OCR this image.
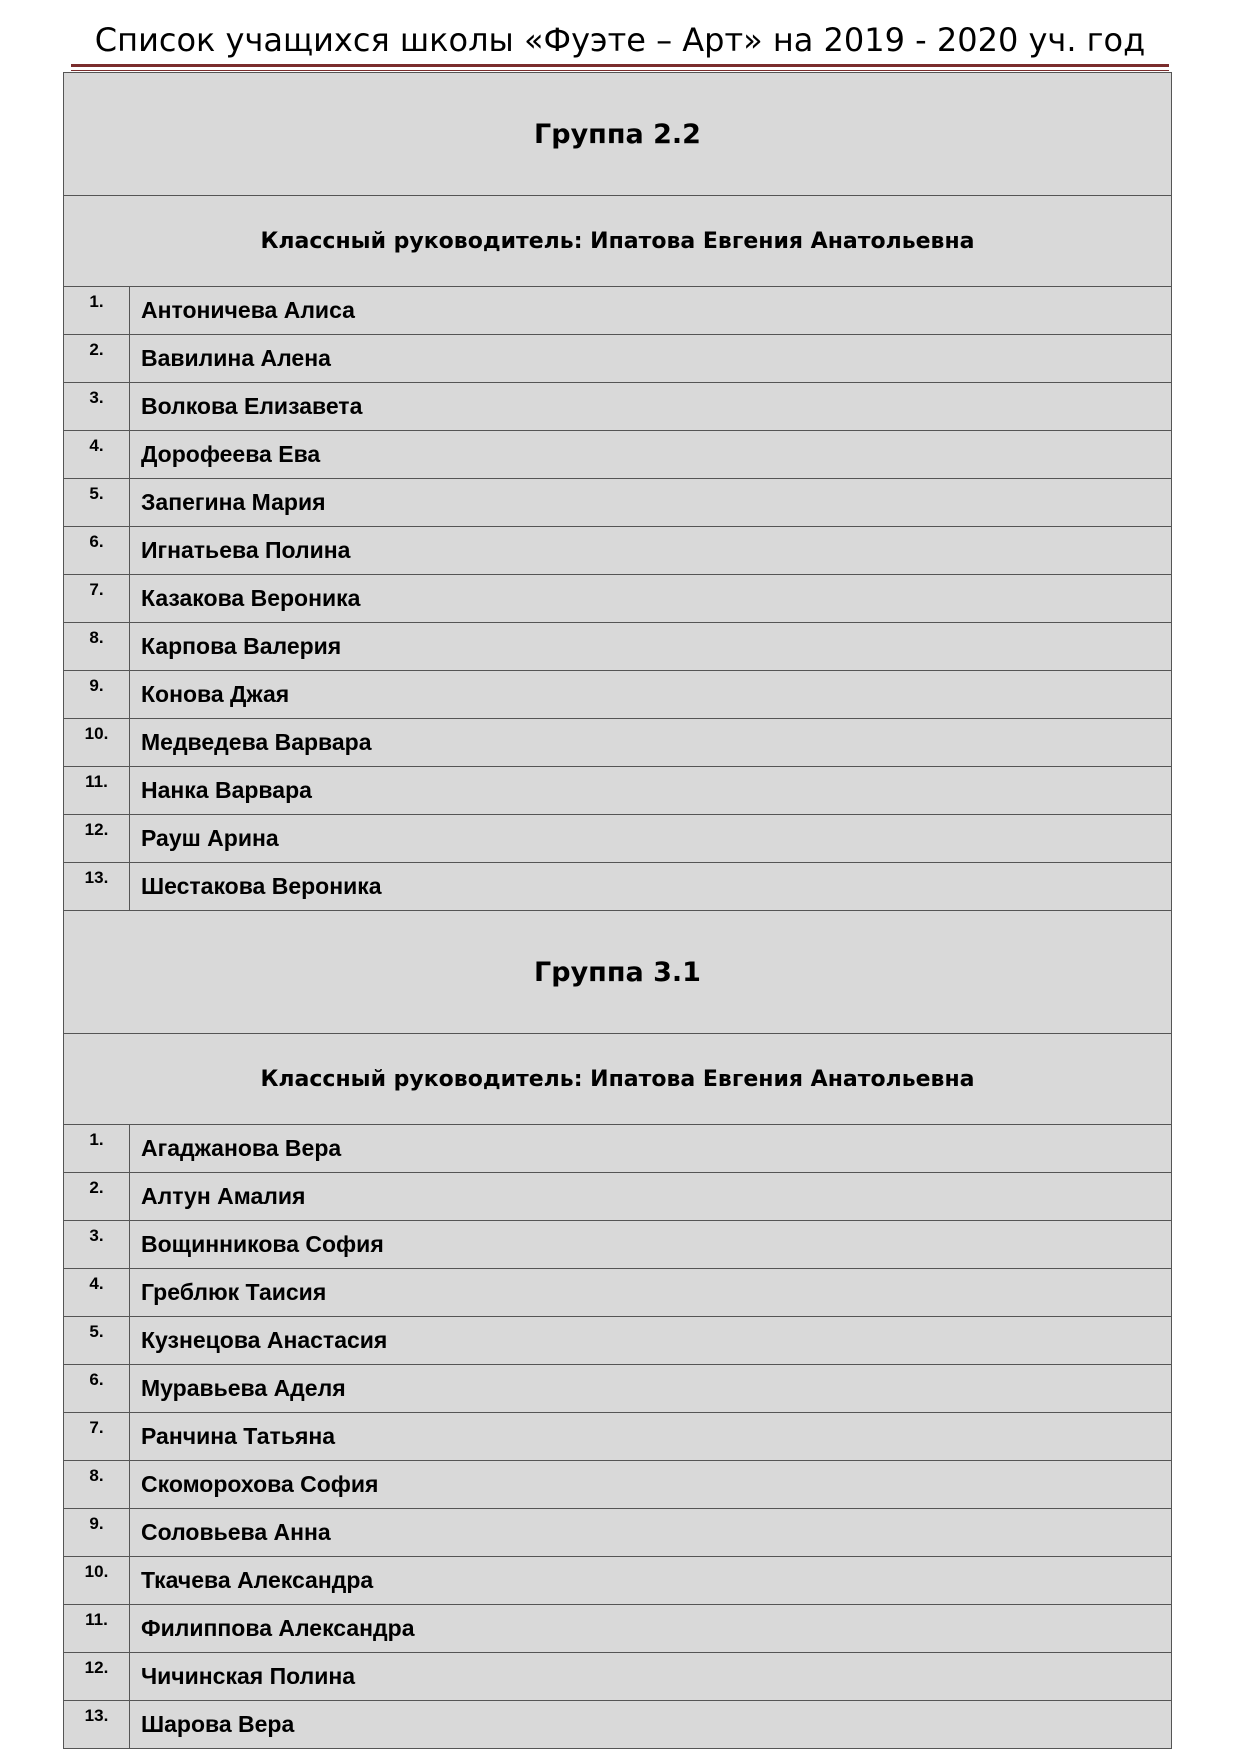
Список учащихся школы «Фуэте – Арт» на 2019 - 2020 уч. год
Группа 2.2	
Классный руководитель: Ипатова Евгения Анатольевна	
1.	Антоничева Алиса
2.	Вавилина Алена
3.	Волкова Елизавета
4.	Дорофеева Ева
5.	Запегина Мария
6.	Игнатьева Полина
7.	Казакова Вероника
8.	Карпова Валерия
9.	Конова Джая
10.	Медведева Варвара
11.	Нанка Варвара
12.	Рауш Арина
13.	Шестакова Вероника
Группа 3.1	
Классный руководитель: Ипатова Евгения Анатольевна	
1.	Агаджанова Вера
2.	Алтун Амалия
3.	Вощинникова София
4.	Греблюк Таисия
5.	Кузнецова Анастасия
6.	Муравьева Аделя
7.	Ранчина Татьяна
8.	Скоморохова София
9.	Соловьева Анна
10.	Ткачева Александра
11.	Филиппова Александра
12.	Чичинская Полина
13.	Шарова Вера
